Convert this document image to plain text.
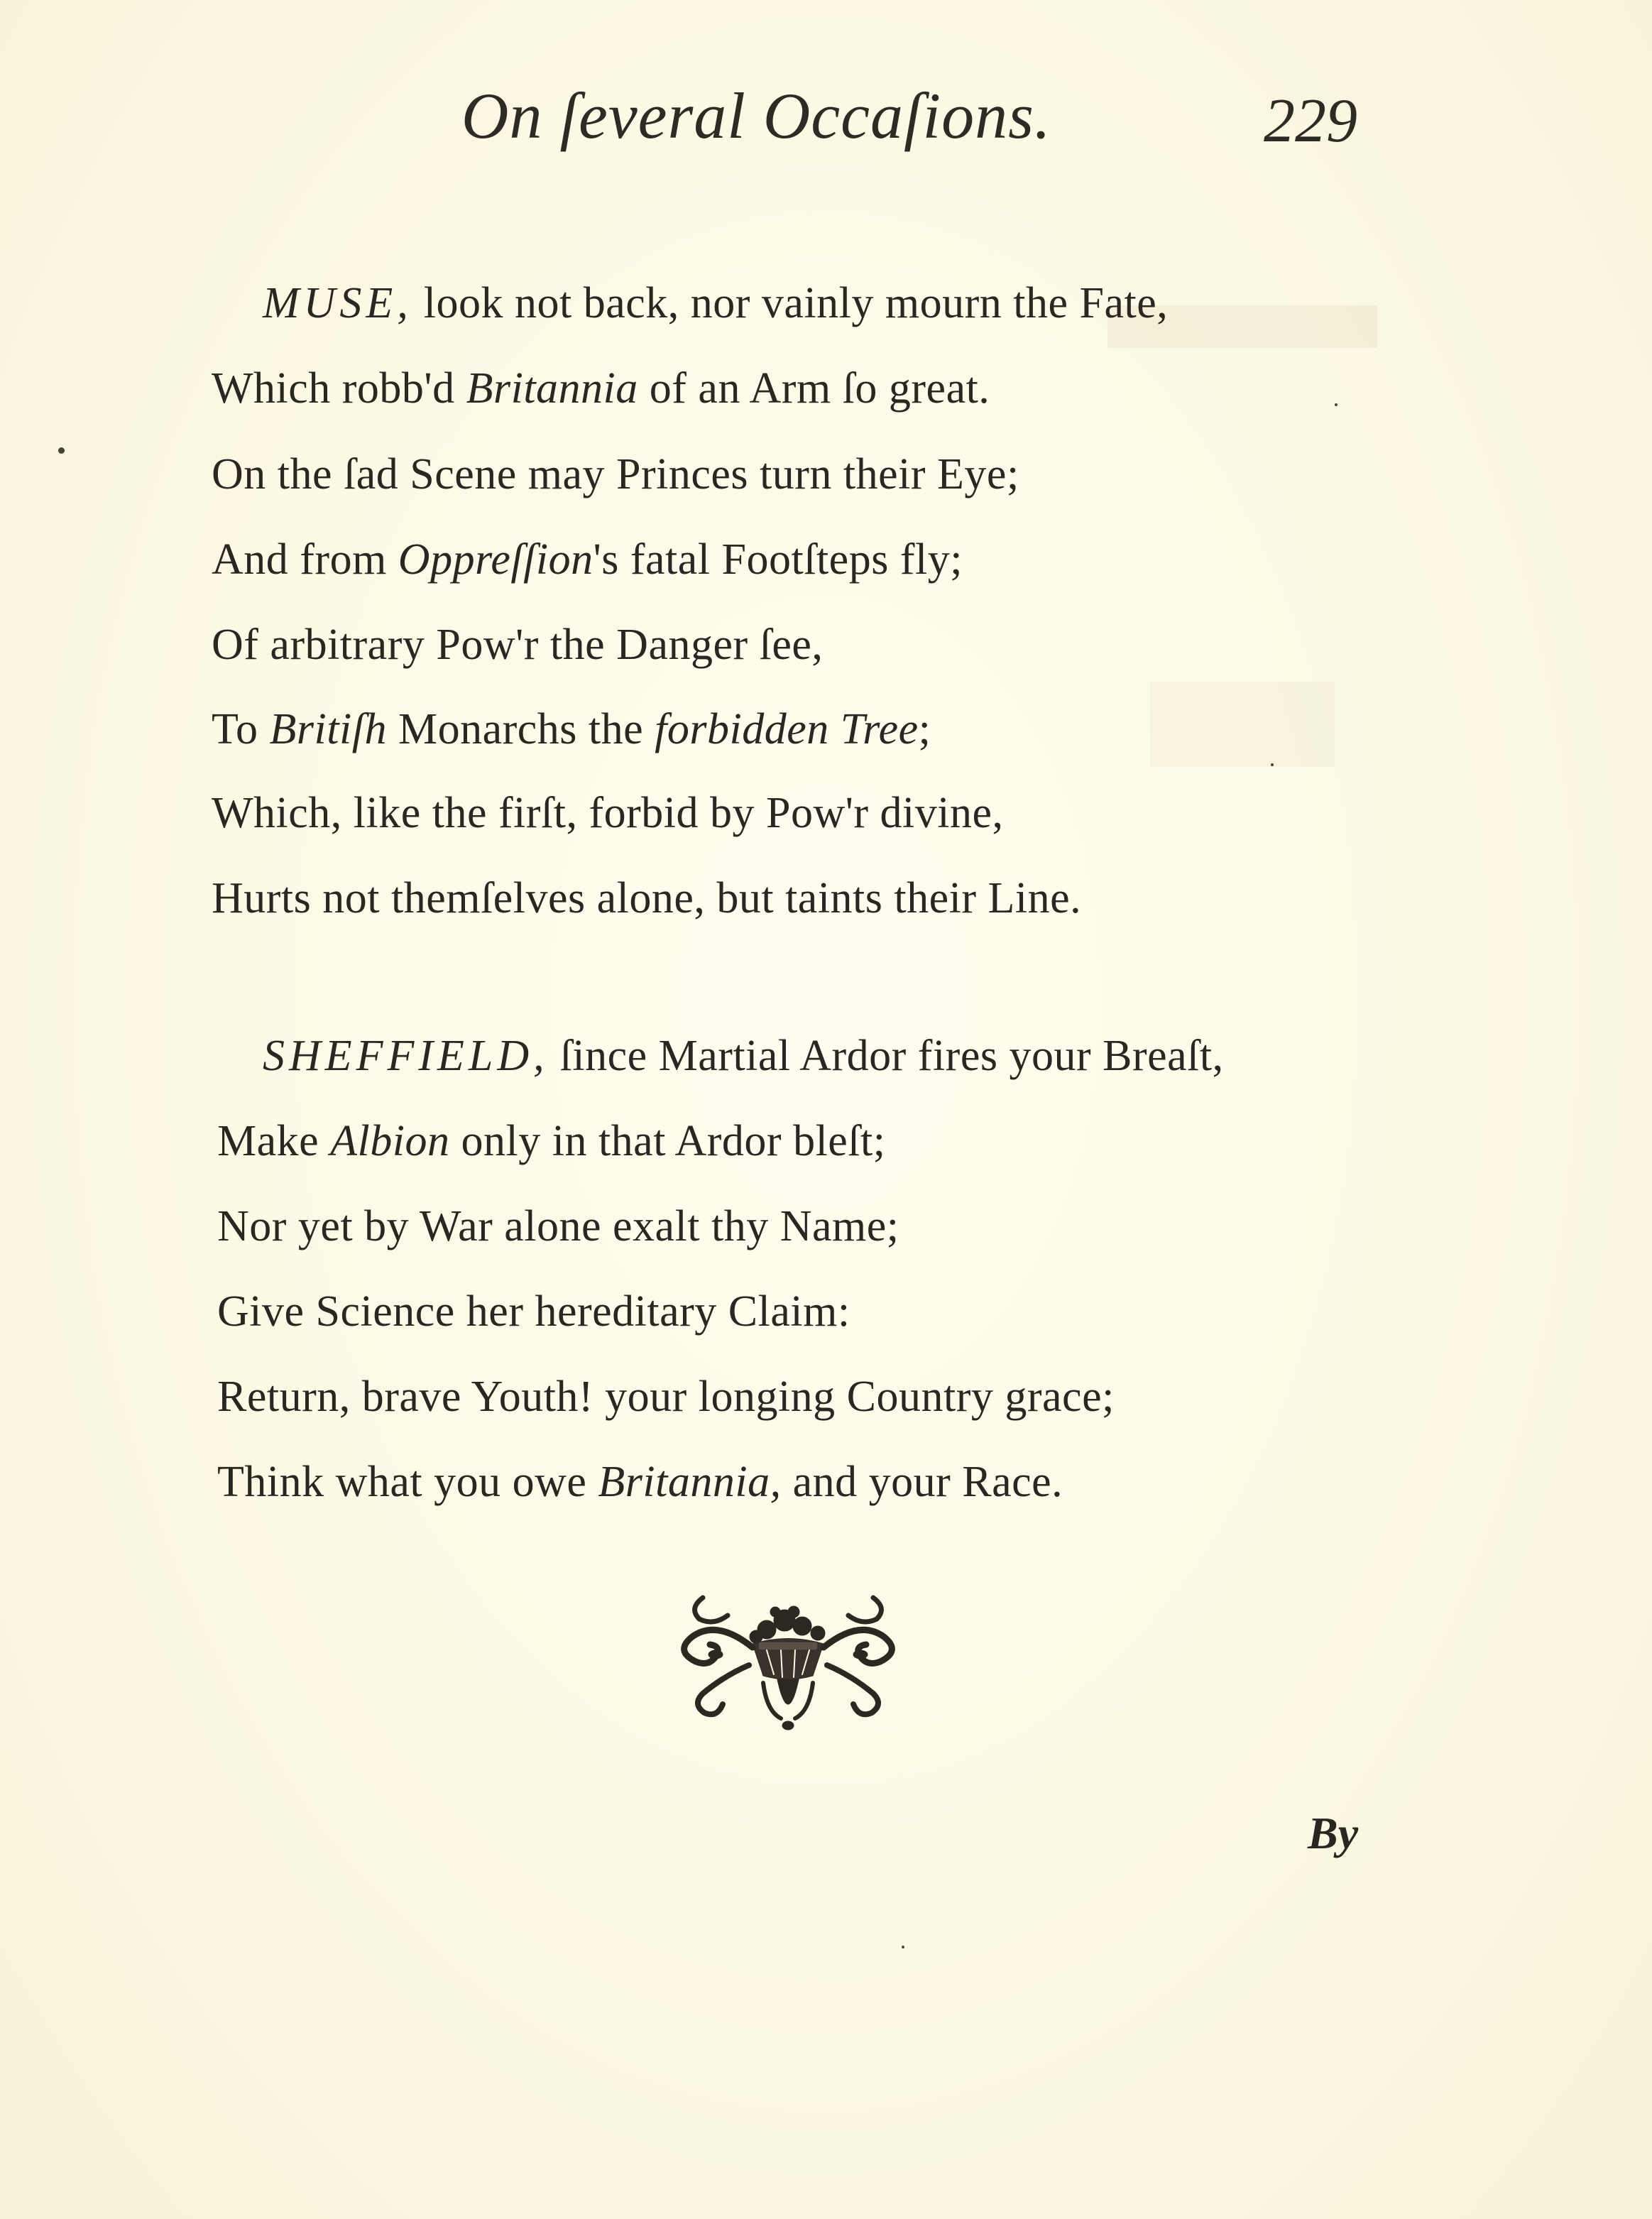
On ſeveral Occaſions.	229
MUSE, look not back, nor vainly mourn the Fate,
Which robb'd Britannia of an Arm ſo great.
On the ſad Scene may Princes turn their Eye;
And from Oppreſſion's fatal Footſteps fly;
Of arbitrary Pow'r the Danger ſee,
To Britiſh Monarchs the forbidden Tree;
Which, like the firſt, forbid by Pow'r divine,
Hurts not themſelves alone, but taints their Line.
SHEFFIELD, ſince Martial Ardor fires your Breaſt,
Make Albion only in that Ardor bleſt;
Nor yet by War alone exalt thy Name;
Give Science her hereditary Claim:
Return, brave Youth! your longing Country grace;
Think what you owe Britannia, and your Race.
By
